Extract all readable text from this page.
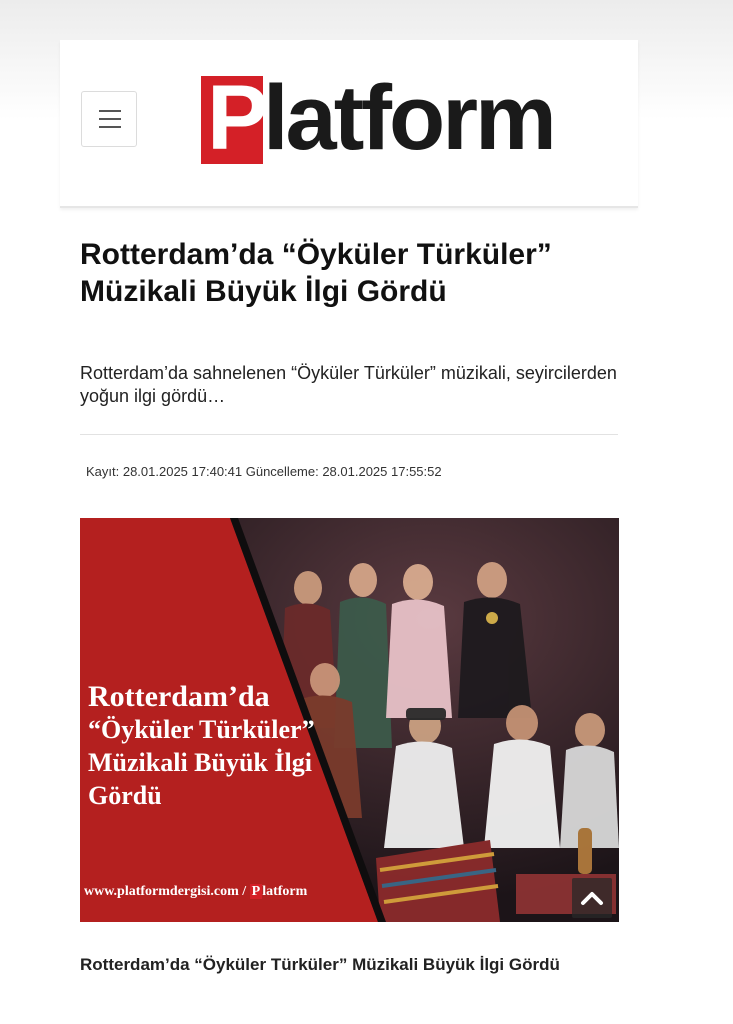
P
latform
Rotterdam’da “Öyküler Türküler” Müzikali Büyük İlgi Gördü

Rotterdam’da sahnelenen “Öyküler Türküler” müzikali, seyircilerden yoğun ilgi gördü…

Kayıt: 28.01.2025 17:40:41 Güncelleme: 28.01.2025 17:55:52

Rotterdam’da
“Öyküler Türküler”
Müzikali Büyük İlgi
Gördü

www.platformdergisi.com / P latform

Rotterdam’da “Öyküler Türküler” Müzikali Büyük İlgi Gördü
